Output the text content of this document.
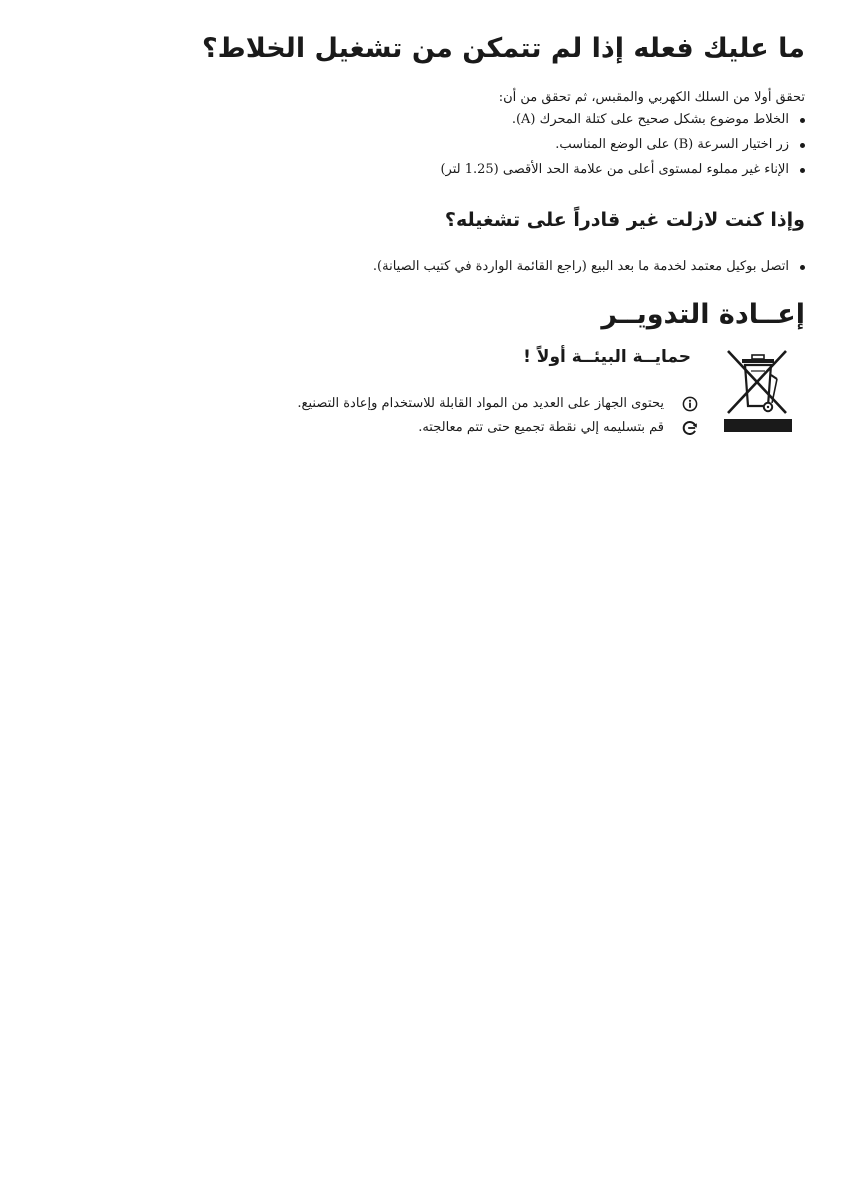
ما عليك فعله إذا لم تتمكن من تشغيل الخلاط؟
تحقق أولا من السلك الكهربي والمقبس، ثم تحقق من أن:
الخلاط موضوع بشكل صحيح على كتلة المحرك (A).
زر اختيار السرعة (B) على الوضع المناسب.
الإناء غير مملوء لمستوى أعلى من علامة الحد الأقصى (1.25 لتر)
وإذا كنت لازلت غير قادراً على تشغيله؟
اتصل بوكيل معتمد لخدمة ما بعد البيع (راجع القائمة الواردة في كتيب الصيانة).
إعــادة التدويــر
حمايــة البيئــة أولاً !
يحتوى الجهاز على العديد من المواد القابلة للاستخدام وإعادة التصنيع.
قم بتسليمه إلي نقطة تجميع حتى تتم معالجته.
